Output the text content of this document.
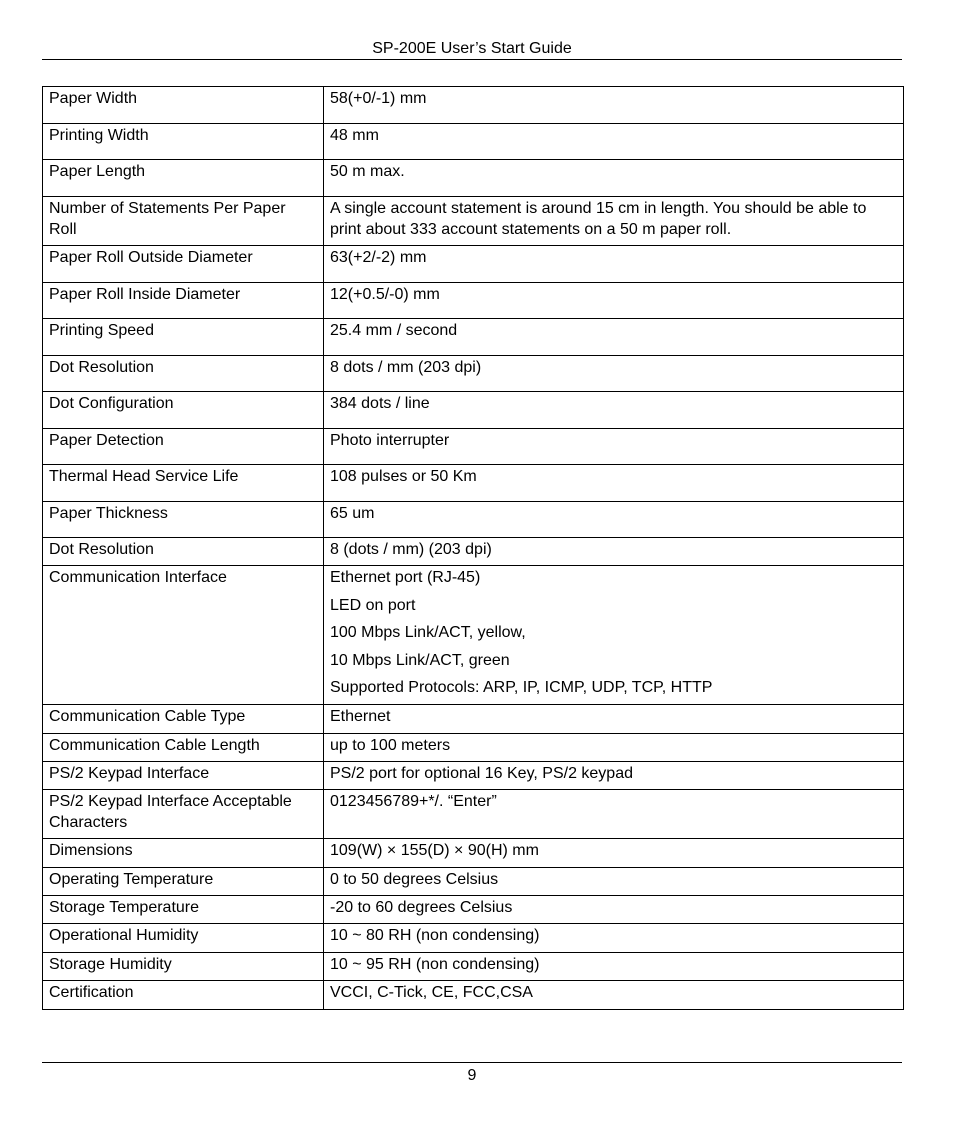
SP-200E User’s Start Guide
Paper Width	58(+0/-1) mm

Printing Width	48 mm

Paper Length	50 m max.

Number of Statements Per Paper Roll	A single account statement is around 15 cm in length. You should be able to print about 333 account statements on a 50 m paper roll.

Paper Roll Outside Diameter	63(+2/-2) mm

Paper Roll Inside Diameter	12(+0.5/-0) mm

Printing Speed	25.4 mm / second

Dot Resolution	8 dots / mm (203 dpi)

Dot Configuration	384 dots / line

Paper Detection	Photo interrupter

Thermal Head Service Life	108 pulses or 50 Km

Paper Thickness	65 um

Dot Resolution	8 (dots / mm) (203 dpi)

Communication Interface	Ethernet port (RJ-45)
LED on port
100 Mbps Link/ACT, yellow,
10 Mbps Link/ACT, green
Supported Protocols: ARP, IP, ICMP, UDP, TCP, HTTP

Communication Cable Type	Ethernet

Communication Cable Length	up to 100 meters

PS/2 Keypad Interface	PS/2 port for optional 16 Key, PS/2 keypad

PS/2 Keypad Interface Acceptable Characters	0123456789+*/. “Enter”

Dimensions	109(W) × 155(D) × 90(H) mm

Operating Temperature	0 to 50 degrees Celsius

Storage Temperature	-20 to 60 degrees Celsius

Operational Humidity	10 ~ 80 RH (non condensing)

Storage Humidity	10 ~ 95 RH (non condensing)

Certification	VCCI, C-Tick, CE, FCC,CSA
9
